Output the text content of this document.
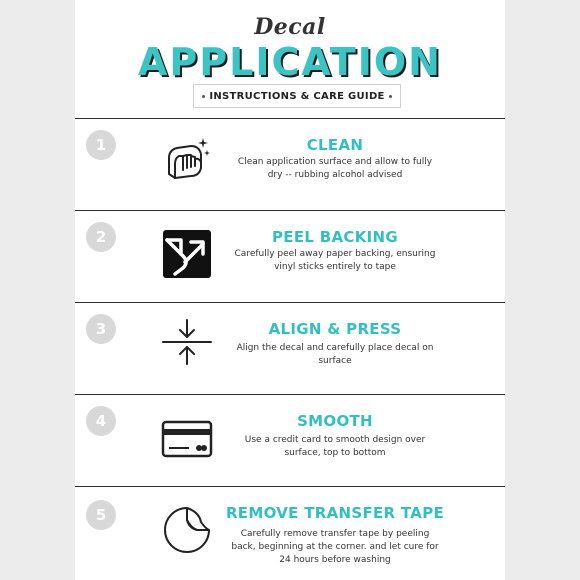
Decal
APPLICATION
INSTRUCTIONS & CARE GUIDE
1	CLEAN
Clean application surface and allow to fully dry -- rubbing alcohol advised
2	PEEL BACKING
Carefully peel away paper backing, ensuring vinyl sticks entirely to tape
3	ALIGN & PRESS
Align the decal and carefully place decal on surface
4	SMOOTH
Use a credit card to smooth design over surface, top to bottom
5	REMOVE TRANSFER TAPE
Carefully remove transfer tape by peeling back, beginning at the corner. and let cure for 24 hours before washing
